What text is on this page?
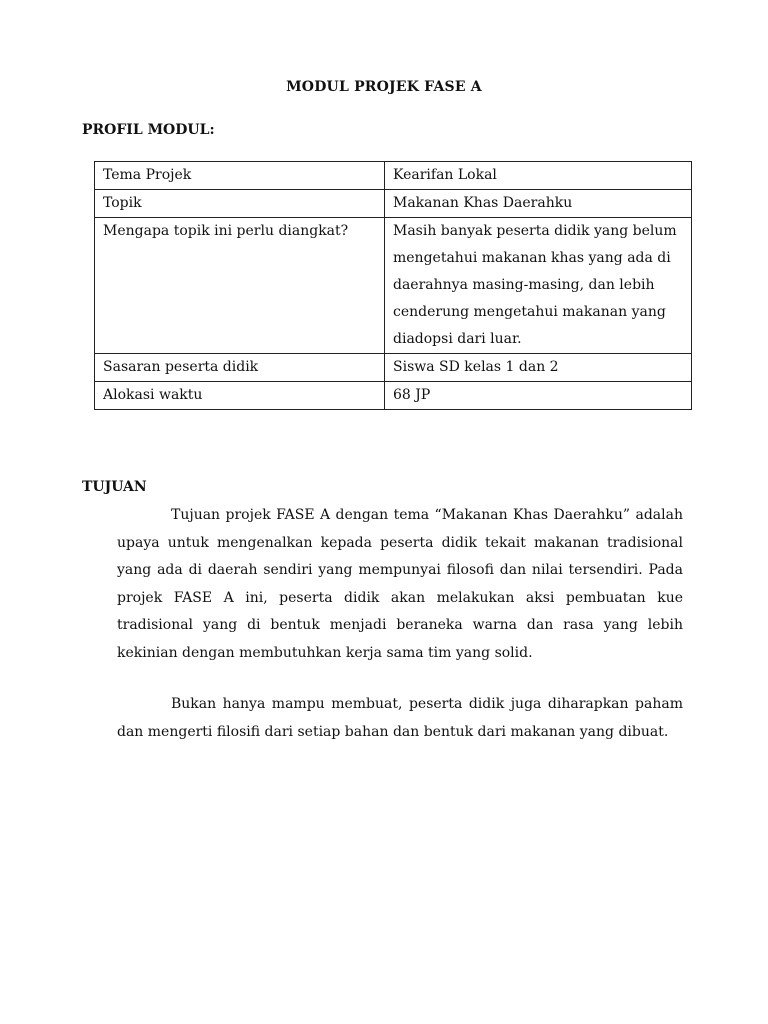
MODUL PROJEK FASE A
PROFIL MODUL:
Tema Projek	Kearifan Lokal
Topik	Makanan Khas Daerahku
Mengapa topik ini perlu diangkat?	Masih banyak peserta didik yang belum mengetahui makanan khas yang ada di daerahnya masing-masing, dan lebih cenderung mengetahui makanan yang diadopsi dari luar.
Sasaran peserta didik	Siswa SD kelas 1 dan 2
Alokasi waktu	68 JP
TUJUAN

Tujuan projek FASE A dengan tema “Makanan Khas Daerahku” adalah upaya untuk mengenalkan kepada peserta didik tekait makanan tradisional yang ada di daerah sendiri yang mempunyai filosofi dan nilai tersendiri. Pada projek FASE A ini, peserta didik akan melakukan aksi pembuatan kue tradisional yang di bentuk menjadi beraneka warna dan rasa yang lebih kekinian dengan membutuhkan kerja sama tim yang solid.

Bukan hanya mampu membuat, peserta didik juga diharapkan paham dan mengerti filosifi dari setiap bahan dan bentuk dari makanan yang dibuat.
